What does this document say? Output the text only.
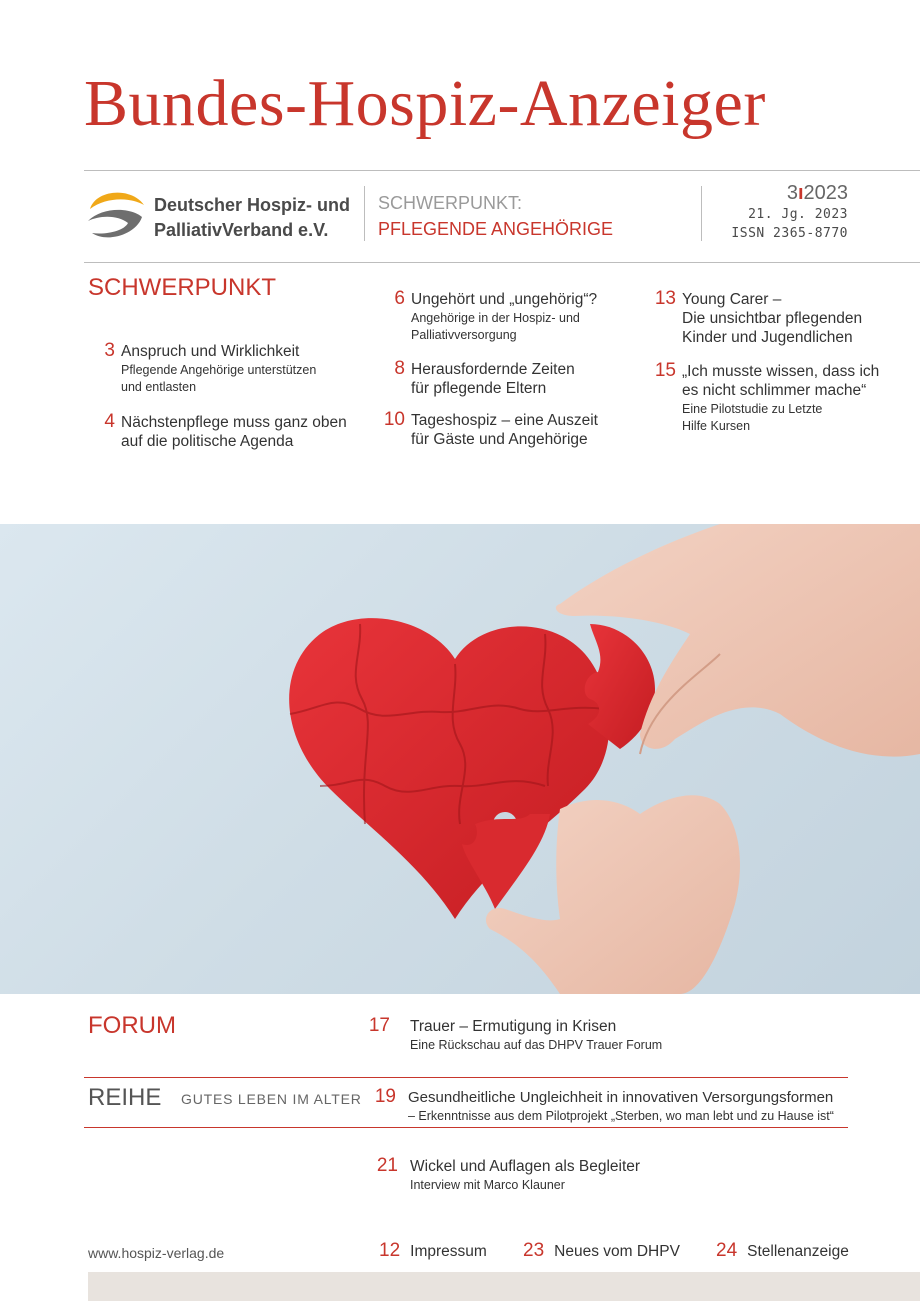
Bundes-Hospiz-Anzeiger
Deutscher Hospiz- und
PalliativVerband e.V.
SCHWERPUNKT:
PFLEGENDE ANGEHÖRIGE
3ı2023
21. Jg. 2023
ISSN 2365-8770
SCHWERPUNKT
3 Anspruch und Wirklichkeit
Pflegende Angehörige unterstützen
und entlasten
4 Nächstenpflege muss ganz oben
auf die politische Agenda
6 Ungehört und „ungehörig“?
Angehörige in der Hospiz- und
Palliativversorgung
8 Herausfordernde Zeiten
für pflegende Eltern
10 Tageshospiz – eine Auszeit
für Gäste und Angehörige
13 Young Carer –
Die unsichtbar pflegenden
Kinder und Jugendlichen
15 „Ich musste wissen, dass ich
es nicht schlimmer mache“
Eine Pilotstudie zu Letzte
Hilfe Kursen
FORUM	17 Trauer – Ermutigung in Krisen
Eine Rückschau auf das DHPV Trauer Forum
REIHE GUTES LEBEN IM ALTER 19 Gesundheitliche Ungleichheit in innovativen Versorgungsformen
– Erkenntnisse aus dem Pilotprojekt „Sterben, wo man lebt und zu Hause ist“
21 Wickel und Auflagen als Begleiter
Interview mit Marco Klauner
www.hospiz-verlag.de	12 Impressum 23 Neues vom DHPV 24 Stellenanzeige
